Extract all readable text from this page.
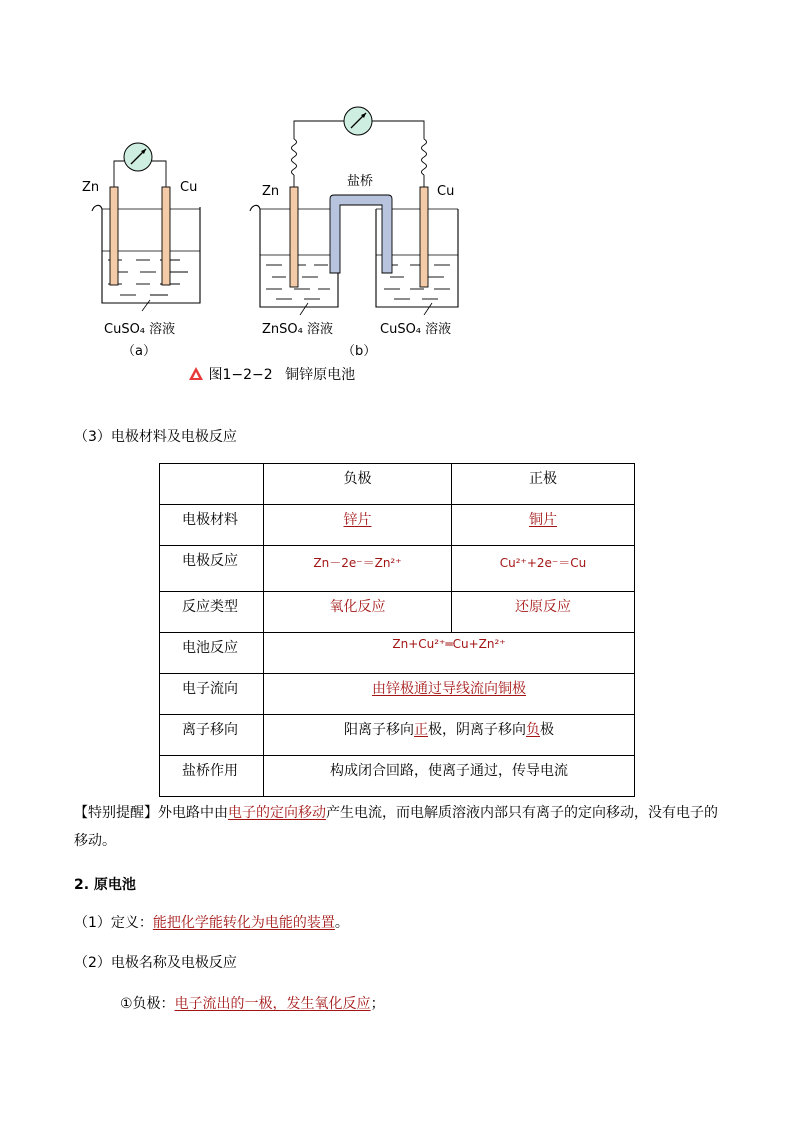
Zn	Cu
CuSO₄ 溶液
（a）
Zn
盐桥
Cu
ZnSO₄ 溶液	CuSO₄ 溶液
（b）
图1−2−2 铜锌原电池
（3）电极材料及电极反应

	负极	正极

电极材料	锌片	铜片

电极反应	Zn－2e⁻＝Zn²⁺	Cu²⁺+2e⁻＝Cu

反应类型	氧化反应	还原反应

电池反应	Zn+Cu²⁺═Cu+Zn²⁺	

电子流向	由锌极通过导线流向铜极	

离子移向	阳离子移向正极，阴离子移向负极	

盐桥作用	构成闭合回路，使离子通过，传导电流	
【特别提醒】外电路中由电子的定向移动产生电流，而电解质溶液内部只有离子的定向移动，没有电子的移动。
2. 原电池
（1）定义：能把化学能转化为电能的装置。
（2）电极名称及电极反应
①负极：电子流出的一极，发生氧化反应；
